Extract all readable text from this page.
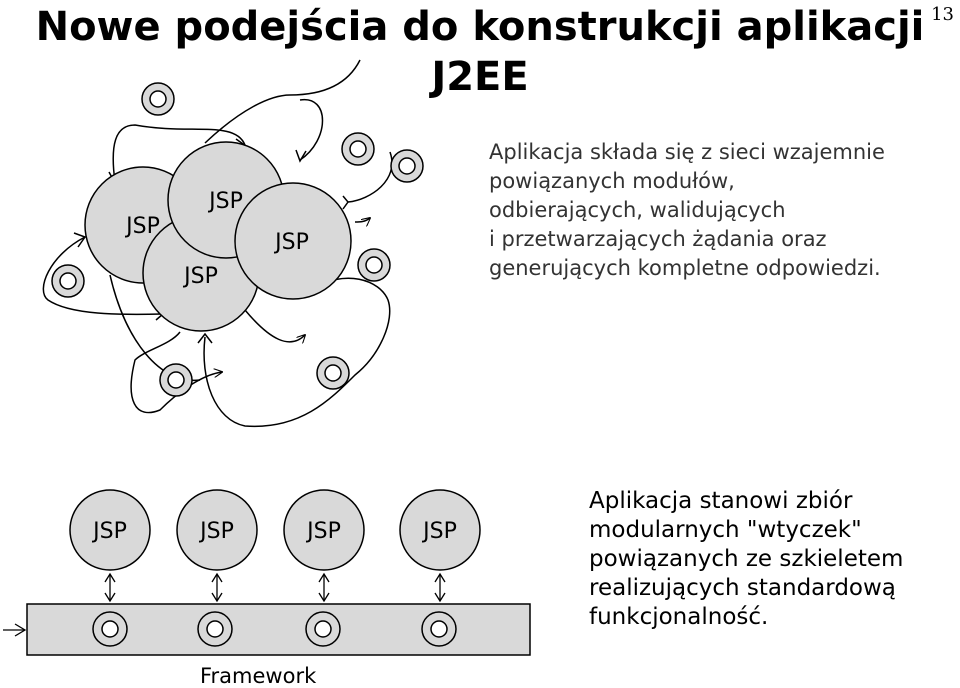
Nowe podejścia do konstrukcji aplikacji
J2EE
13
JSP
JSP
JSP
JSP
JSP	JSP	JSP	JSP
Aplikacja składa się z sieci wzajemnie
powiązanych modułów,
odbierających, walidujących
i przetwarzających żądania oraz
generujących kompletne odpowiedzi.
Aplikacja stanowi zbiór
modularnych "wtyczek"
powiązanych ze szkieletem
realizujących standardową
funkcjonalność.
Framework
